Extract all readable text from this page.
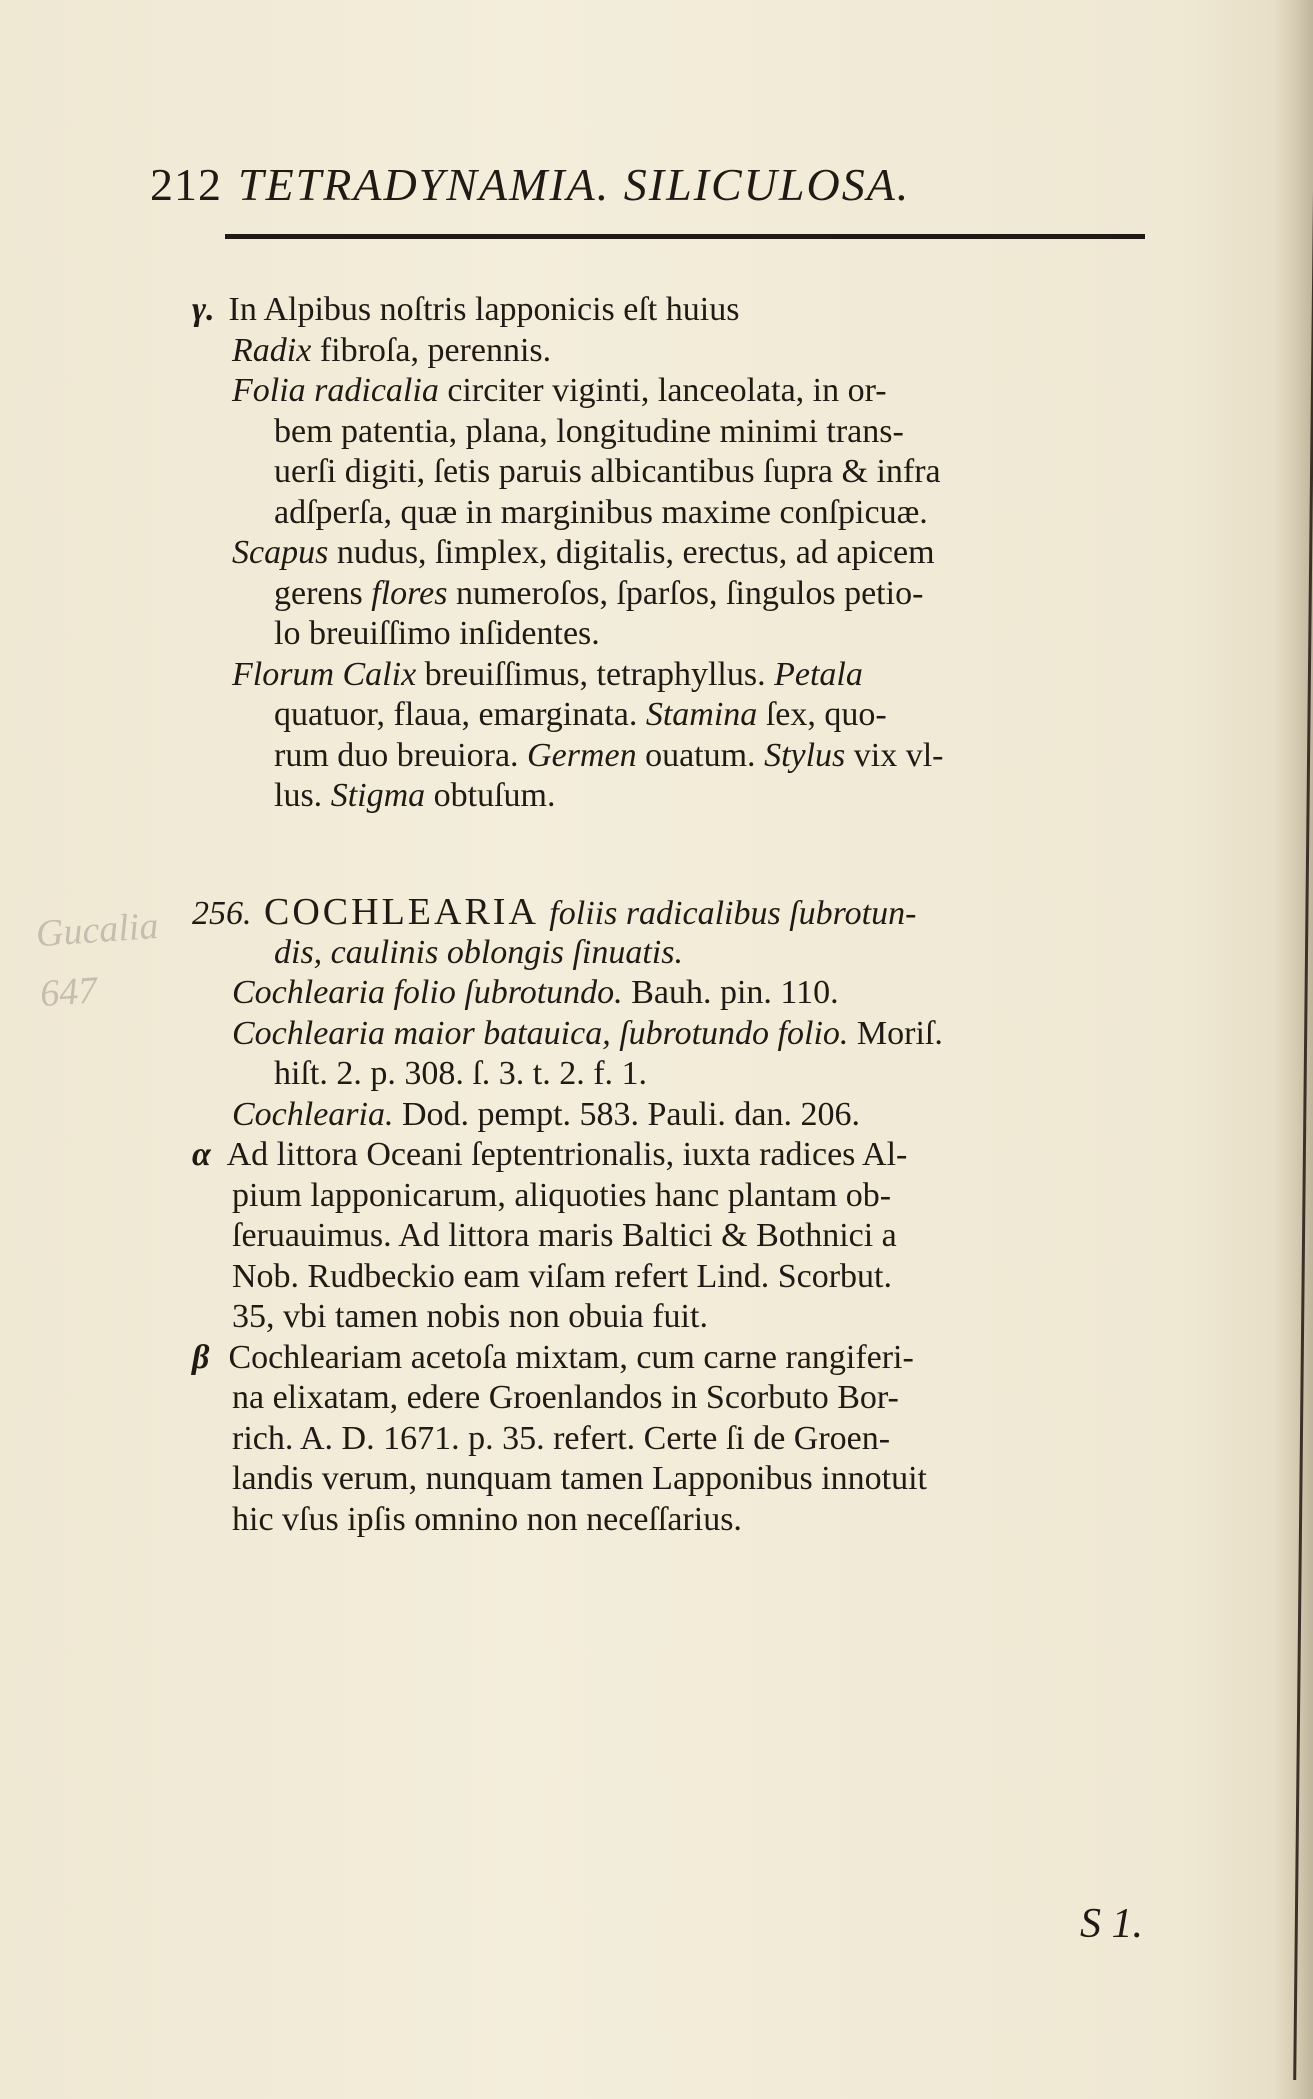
212 TETRADYNAMIA. SILICULOSA.
γ. In Alpibus noſtris lapponicis eſt huius
Radix fibroſa, perennis.
Folia radicalia circiter viginti, lanceolata, in or-
bem patentia, plana, longitudine minimi trans-
uerſi digiti, ſetis paruis albicantibus ſupra & infra
adſperſa, quæ in marginibus maxime conſpicuæ.
Scapus nudus, ſimplex, digitalis, erectus, ad apicem
gerens flores numeroſos, ſparſos, ſingulos petio-
lo breuiſſimo inſidentes.
Florum Calix breuiſſimus, tetraphyllus. Petala
quatuor, flaua, emarginata. Stamina ſex, quo-
rum duo breuiora. Germen ouatum. Stylus vix vl-
lus. Stigma obtuſum.
Gucalia
647
256. COCHLEARIA foliis radicalibus ſubrotun-
dis, caulinis oblongis ſinuatis.
Cochlearia folio ſubrotundo. Bauh. pin. 110.
Cochlearia maior batauica, ſubrotundo folio. Moriſ.
hiſt. 2. p. 308. ſ. 3. t. 2. f. 1.
Cochlearia. Dod. pempt. 583. Pauli. dan. 206.
α Ad littora Oceani ſeptentrionalis, iuxta radices Al-
pium lapponicarum, aliquoties hanc plantam ob-
ſeruauimus. Ad littora maris Baltici & Bothnici a
Nob. Rudbeckio eam viſam refert Lind. Scorbut.
35, vbi tamen nobis non obuia fuit.
β Cochleariam acetoſa mixtam, cum carne rangiferi-
na elixatam, edere Groenlandos in Scorbuto Bor-
rich. A. D. 1671. p. 35. refert. Certe ſi de Groen-
landis verum, nunquam tamen Lapponibus innotuit
hic vſus ipſis omnino non neceſſarius.
S 1.
